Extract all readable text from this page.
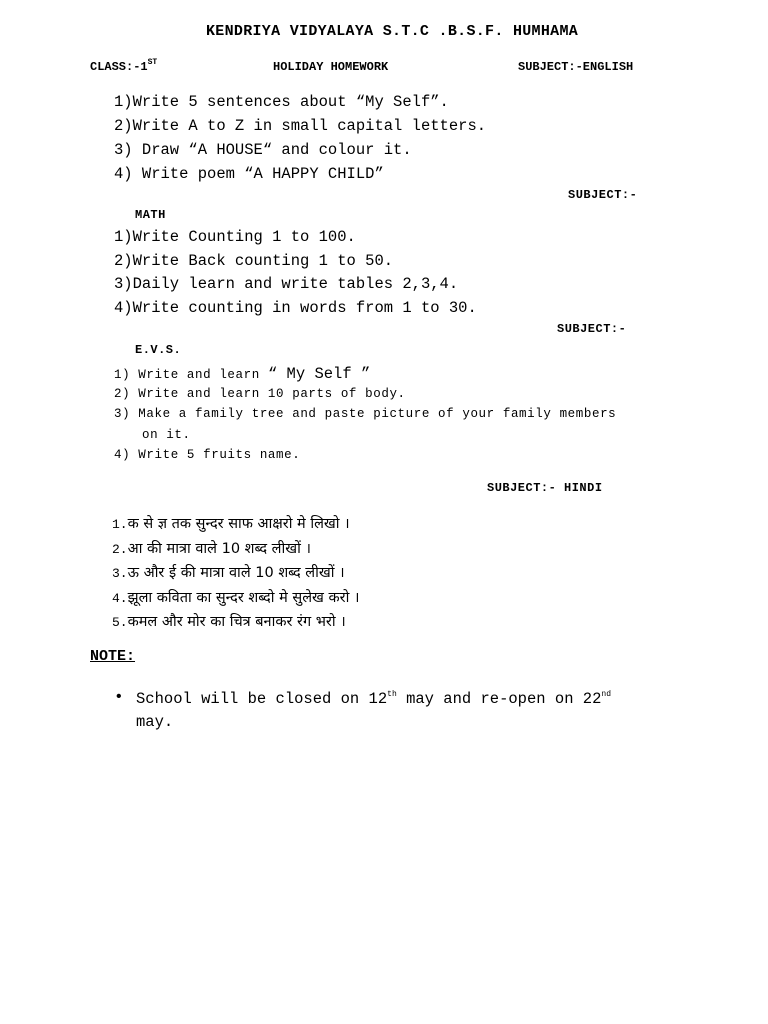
KENDRIYA VIDYALAYA S.T.C .B.S.F. HUMHAMA
CLASS:-1ST	HOLIDAY HOMEWORK	SUBJECT:-ENGLISH
1)Write 5 sentences about “My Self”.
2)Write A to Z in small capital letters.
3) Draw “A HOUSE“ and colour it.
4) Write poem “A HAPPY CHILD”
SUBJECT:-
MATH
1)Write Counting 1 to 100.
2)Write Back counting 1 to 50.
3)Daily learn and write tables 2,3,4.
4)Write counting in words from 1 to 30.
SUBJECT:-
E.V.S.
1) Write and learn “ My Self ”
2) Write and learn 10 parts of body.
3) Make a family tree and paste picture of your family members
on it.
4) Write 5 fruits name.
SUBJECT:- HINDI
1.क से ज्ञ तक सुन्दर साफ आक्षरो मे लिखो ।
2.आ की मात्रा वाले 10 शब्द लीखों ।
3.ऊ और ई की मात्रा वाले 10 शब्द लीखों ।
4.झूला कविता का सुन्दर शब्दो मे सुलेख करो ।
5.कमल और मोर का चित्र बनाकर रंग भरो ।
NOTE:
• School will be closed on 12th may and re-open on 22nd may.
